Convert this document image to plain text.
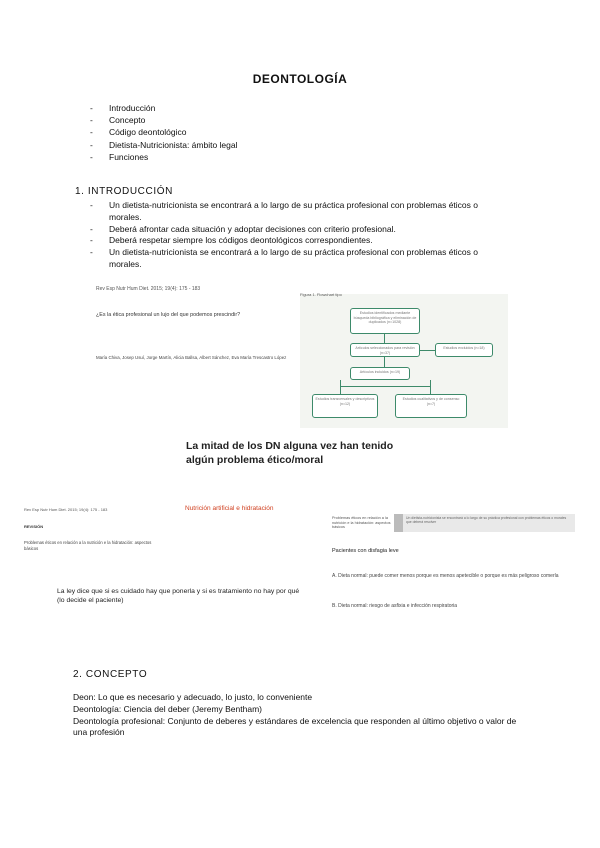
DEONTOLOGÍA
-	Introducción
-	Concepto
-	Código deontológico
-	Dietista-Nutricionista: ámbito legal
-	Funciones
1. INTRODUCCIÓN
-	Un dietista-nutricionista se encontrará a lo largo de su práctica profesional con problemas éticos o morales.
-	Deberá afrontar cada situación y adoptar decisiones con criterio profesional.
-	Deberá respetar siempre los códigos deontológicos correspondientes.
-	Un dietista-nutricionista se encontrará a lo largo de su práctica profesional con problemas éticos o morales.
Rev Esp Nutr Hum Diet. 2015; 19(4): 175 - 183
¿Es la ética profesional un lujo del que podemos prescindir?
María Chiva, Josep Usuí, Jorge Martín, Alicia Ballsa, Albert Sánchez, Eva María Trescastro López
Figura 1. Flowchart tipo
Estudios identificados mediante búsqueda bibliográfica y eliminación de duplicados (n=1028)
Artículos seleccionados para revisión (n=37)
Estudios excluidos (n=18)
Artículos incluidos (n=19)
Estudios transversales y descriptivos (n=12)
Estudios cualitativos y de consenso (n=7)
La mitad de los DN alguna vez han tenido
algún problema ético/moral
Rev Esp Nutr Hum Diet. 2015; 19(4): 175 - 183	Nutrición artificial e hidratación
REVISIÓN
Problemas éticos en relación a la nutrición e la hidratación: aspectos básicos
La ley dice que si es cuidado hay que ponerla y si es tratamiento no hay por qué (lo decide el paciente)
Problemas éticos en relación a la nutrición e la hidratación: aspectos básicos
Un dietista-nutricionista se encontrará a lo largo de su práctica profesional con problemas éticos o morales que deberá resolver
Pacientes con disfagia leve
A. Dieta normal: puede comer menos porque es menos apetecible o porque es más peligroso comerla
B. Dieta normal: riesgo de asfixia e infección respiratoria
2. CONCEPTO
Deon: Lo que es necesario y adecuado, lo justo, lo conveniente
Deontología: Ciencia del deber (Jeremy Bentham)
Deontología profesional: Conjunto de deberes y estándares de excelencia que responden al último objetivo o valor de una profesión
